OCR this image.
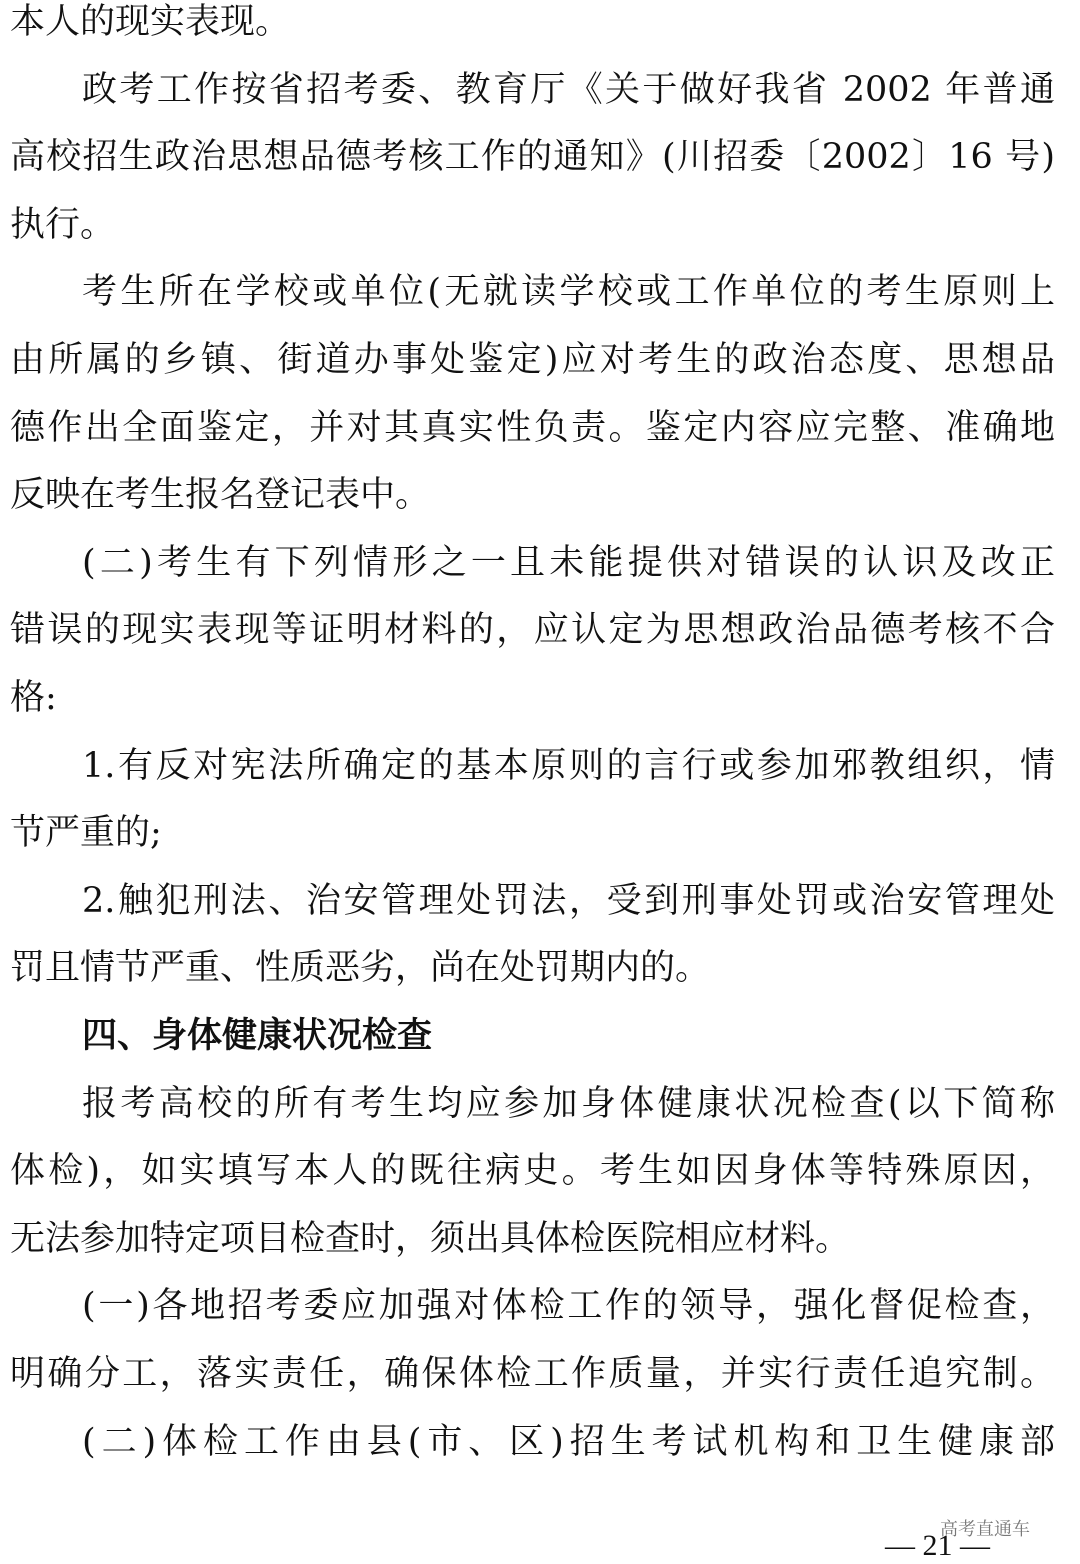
本人的现实表现。
政考工作按省招考委、教育厅《关于做好我省 2002 年普通
高校招生政治思想品德考核工作的通知》(川招委〔2002〕16 号)
执行。
考生所在学校或单位(无就读学校或工作单位的考生原则上
由所属的乡镇、街道办事处鉴定)应对考生的政治态度、思想品
德作出全面鉴定，并对其真实性负责。鉴定内容应完整、准确地
反映在考生报名登记表中。
(二)考生有下列情形之一且未能提供对错误的认识及改正
错误的现实表现等证明材料的，应认定为思想政治品德考核不合
格:
1.有反对宪法所确定的基本原则的言行或参加邪教组织，情
节严重的;
2.触犯刑法、治安管理处罚法，受到刑事处罚或治安管理处
罚且情节严重、性质恶劣，尚在处罚期内的。
四、身体健康状况检查
报考高校的所有考生均应参加身体健康状况检查(以下简称
体检)，如实填写本人的既往病史。考生如因身体等特殊原因，
无法参加特定项目检查时，须出具体检医院相应材料。
(一)各地招考委应加强对体检工作的领导，强化督促检查，
明确分工，落实责任，确保体检工作质量，并实行责任追究制。
(二)体检工作由县(市、区)招生考试机构和卫生健康部
— 21 —
高考直通车
